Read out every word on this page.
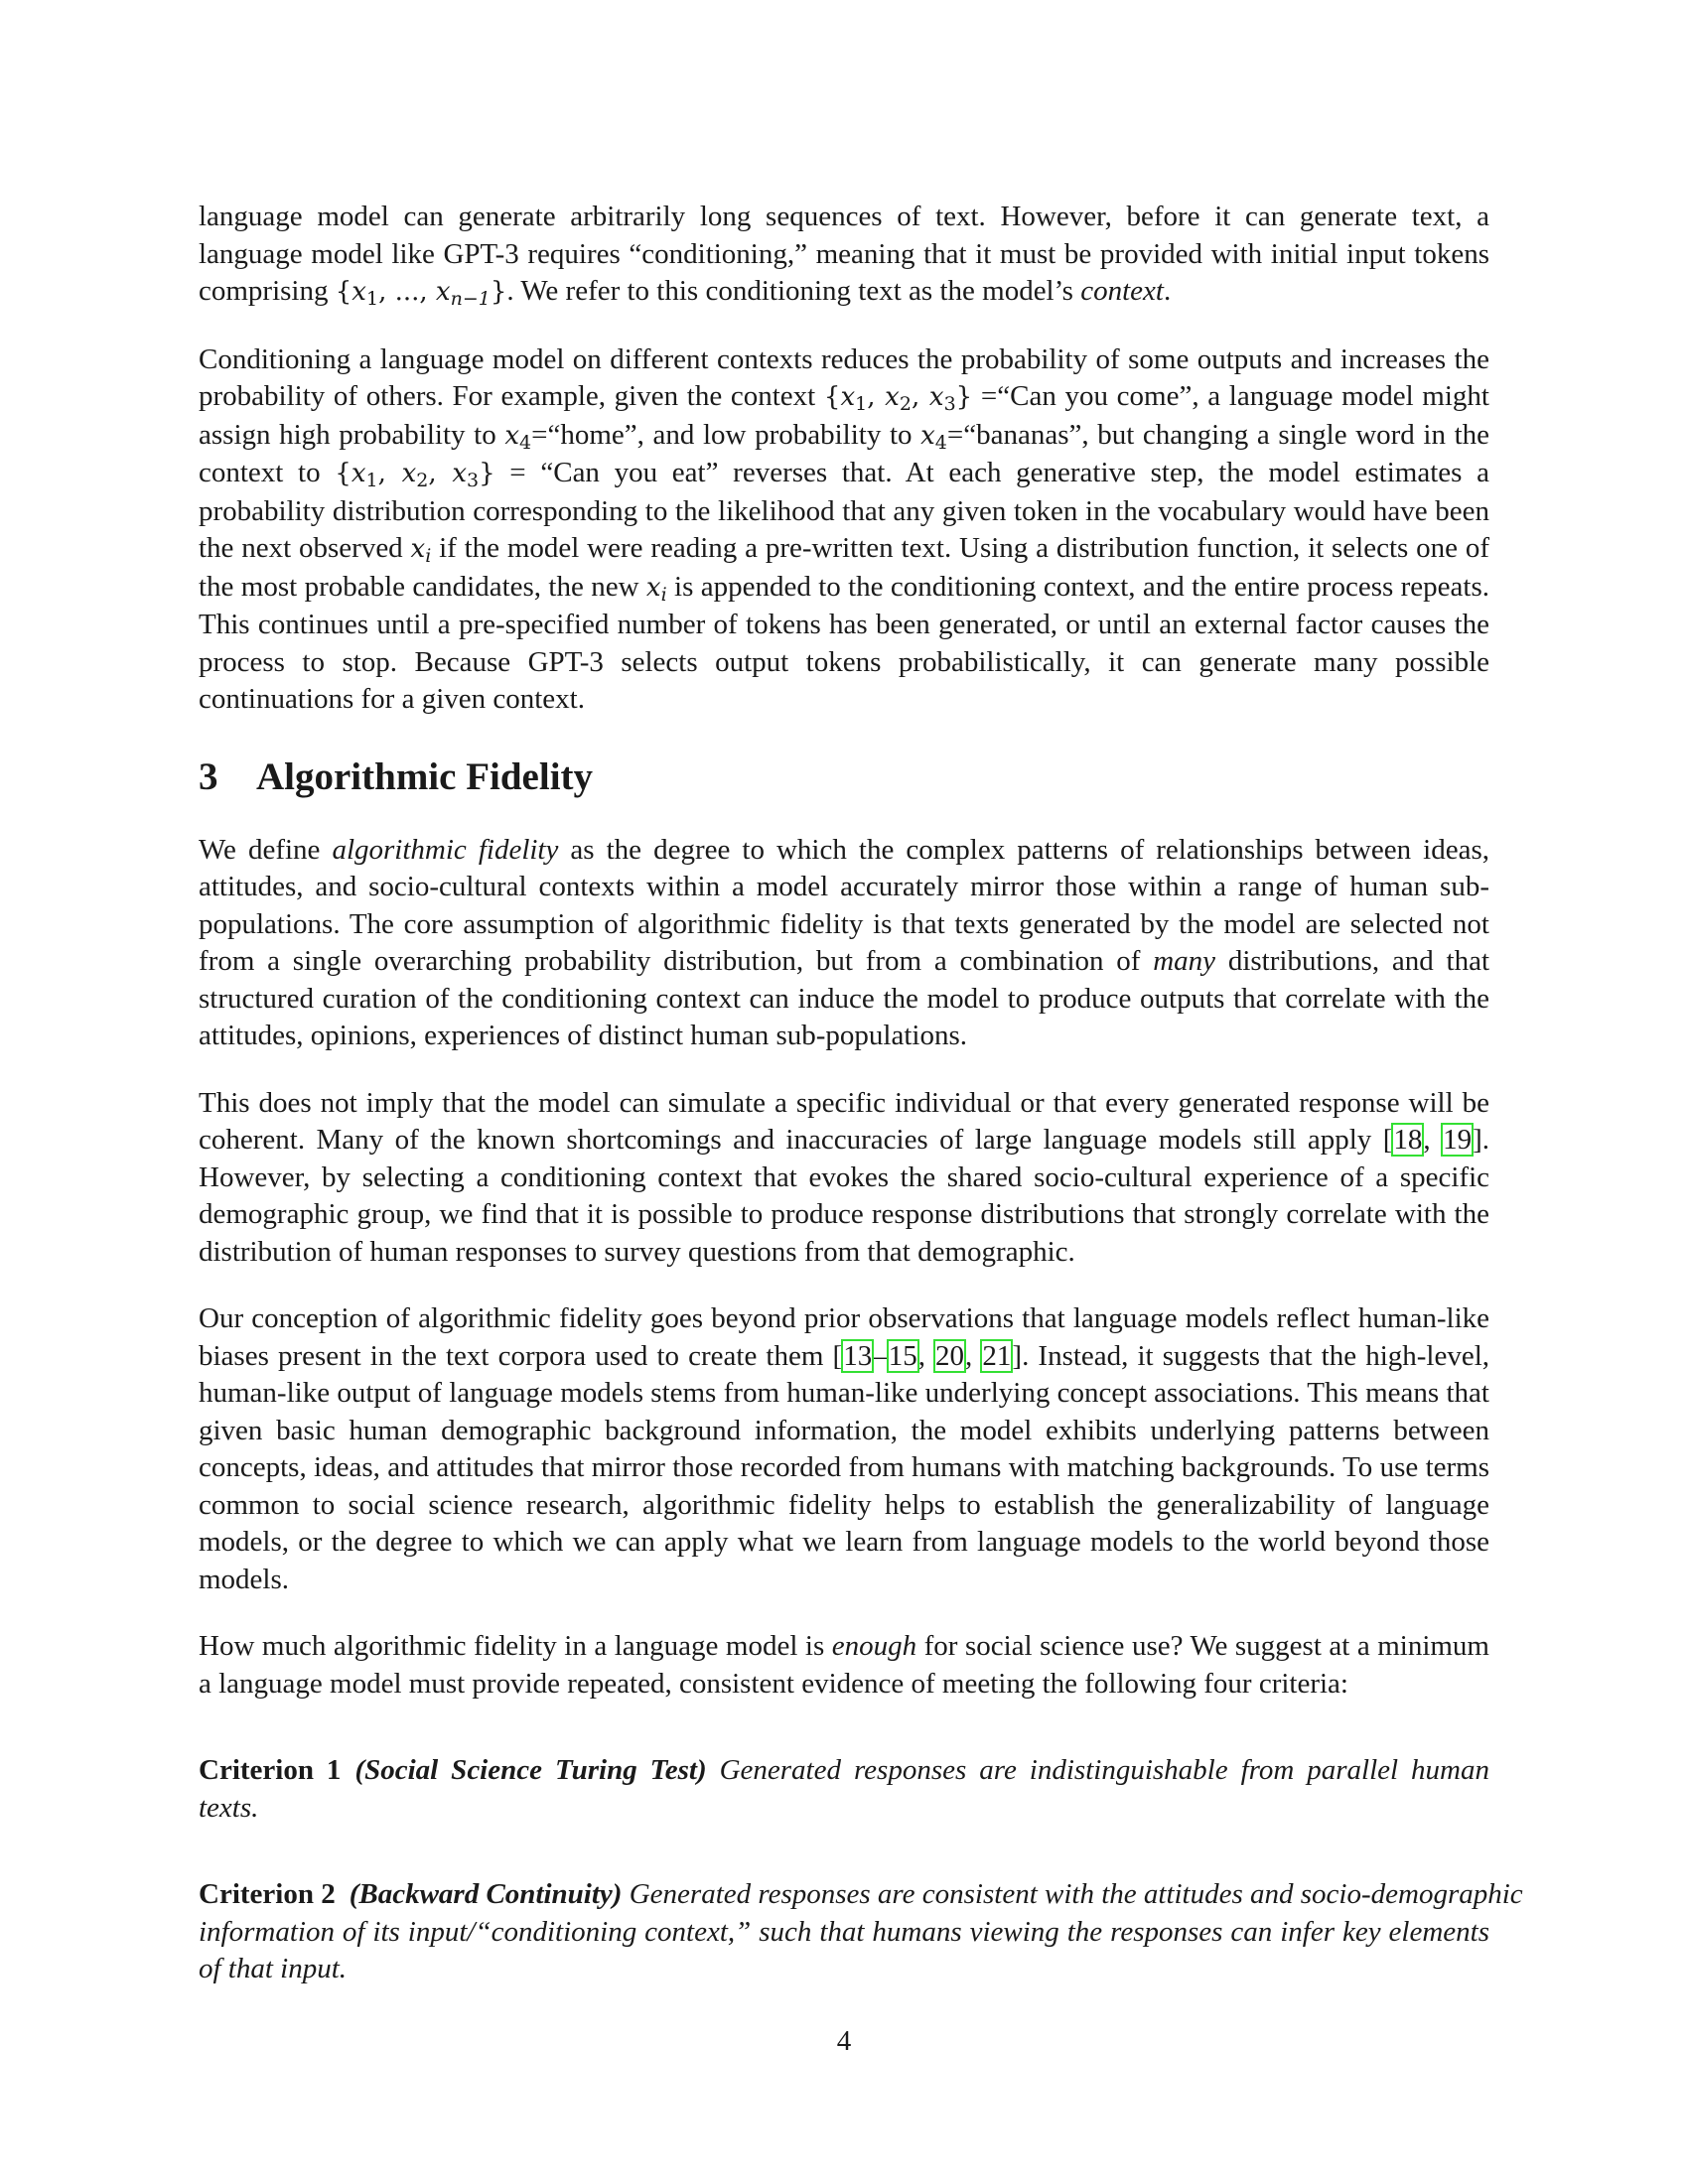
language model can generate arbitrarily long sequences of text. However, before it can generate text, a language model like GPT-3 requires “conditioning,” meaning that it must be provided with initial input tokens comprising {$x_1$, ..., $x_{n-1}$}. We refer to this conditioning text as the model’s context.

Conditioning a language model on different contexts reduces the probability of some outputs and increases the probability of others. For example, given the context {$x_1$, $x_2$, $x_3$} =“Can you come”, a language model might assign high probability to $x_4=“home$”, and low probability to $x_4=“bananas$”, but changing a single word in the context to {$x_1$, $x_2$, $x_3$} = “Can you eat” reverses that. At each generative step, the model estimates a probability distribution corresponding to the likelihood that any given token in the vocabulary would have been the next observed $x_i$ if the model were reading a pre-written text. Using a distribution function, it selects one of the most probable candidates, the new $x_i$ is appended to the conditioning context, and the entire process repeats. This continues until a pre-specified number of tokens has been generated, or until an external factor causes the process to stop. Because GPT-3 selects output tokens probabilistically, it can generate many possible continuations for a given context.

3 Algorithmic Fidelity

We define algorithmic fidelity as the degree to which the complex patterns of relationships between ideas, attitudes, and socio-cultural contexts within a model accurately mirror those within a range of human sub-populations. The core assumption of algorithmic fidelity is that texts generated by the model are selected not from a single overarching probability distribution, but from a combination of many distributions, and that structured curation of the conditioning context can induce the model to produce outputs that correlate with the attitudes, opinions, experiences of distinct human sub-populations.

This does not imply that the model can simulate a specific individual or that every generated response will be coherent. Many of the known shortcomings and inaccuracies of large language models still apply [18, 19]. However, by selecting a conditioning context that evokes the shared socio-cultural experience of a specific demographic group, we find that it is possible to produce response distributions that strongly correlate with the distribution of human responses to survey questions from that demographic.

Our conception of algorithmic fidelity goes beyond prior observations that language models reflect human-like biases present in the text corpora used to create them [13–15, 20, 21]. Instead, it suggests that the high-level, human-like output of language models stems from human-like underlying concept associations. This means that given basic human demographic background information, the model exhibits underlying patterns between concepts, ideas, and attitudes that mirror those recorded from humans with matching backgrounds. To use terms common to social science research, algorithmic fidelity helps to establish the generalizability of language models, or the degree to which we can apply what we learn from language models to the world beyond those models.

How much algorithmic fidelity in a language model is enough for social science use? We suggest at a minimum a language model must provide repeated, consistent evidence of meeting the following four criteria:

Criterion 1 (Social Science Turing Test) Generated responses are indistinguishable from parallel human texts.
Criterion 2 (Backward Continuity) Generated responses are consistent with the attitudes and socio-demographic
information of its input/“conditioning context,” such that humans viewing the responses can infer key elements of that input.
4
